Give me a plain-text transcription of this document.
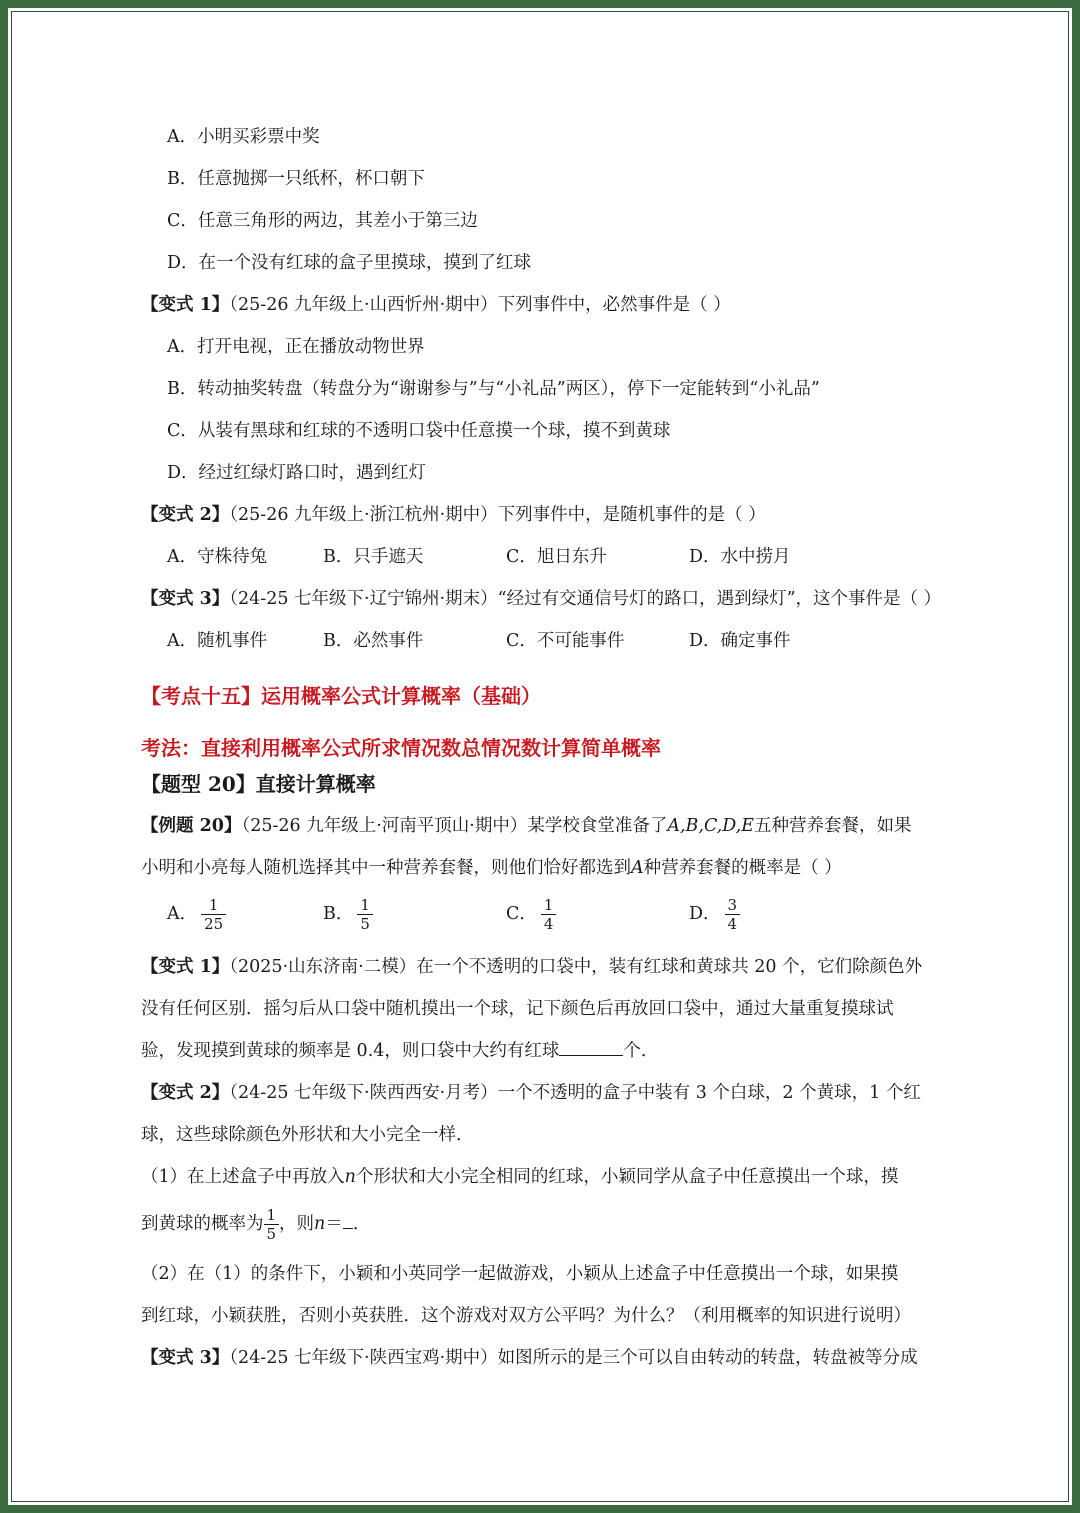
A．小明买彩票中奖
B．任意抛掷一只纸杯，杯口朝下
C．任意三角形的两边，其差小于第三边
D．在一个没有红球的盒子里摸球，摸到了红球
【变式 1】（25-26 九年级上·山西忻州·期中）下列事件中，必然事件是（ ）
A．打开电视，正在播放动物世界
B．转动抽奖转盘（转盘分为“谢谢参与”与“小礼品”两区），停下一定能转到“小礼品”
C．从装有黑球和红球的不透明口袋中任意摸一个球，摸不到黄球
D．经过红绿灯路口时，遇到红灯
【变式 2】（25-26 九年级上·浙江杭州·期中）下列事件中，是随机事件的是（ ）
A．守株待兔	B．只手遮天	C．旭日东升	D．水中捞月
【变式 3】（24-25 七年级下·辽宁锦州·期末）“经过有交通信号灯的路口，遇到绿灯”，这个事件是（ ）
A．随机事件	B．必然事件	C．不可能事件	D．确定事件
【考点十五】运用概率公式计算概率（基础）
考法：直接利用概率公式所求情况数总情况数计算简单概率
【题型 20】直接计算概率
【例题 20】（25-26 九年级上·河南平顶山·期中）某学校食堂准备了A,B,C,D,E五种营养套餐，如果
小明和小亮每人随机选择其中一种营养套餐，则他们恰好都选到A种营养套餐的概率是（ ）
A． $\frac{1}{25}$	B． $\frac{1}{5}$	C． $\frac{1}{4}$	D． $\frac{3}{4}$
【变式 1】（2025·山东济南·二模）在一个不透明的口袋中，装有红球和黄球共 20 个，它们除颜色外
没有任何区别．摇匀后从口袋中随机摸出一个球，记下颜色后再放回口袋中，通过大量重复摸球试
验，发现摸到黄球的频率是 0.4，则口袋中大约有红球	个．
【变式 2】（24-25 七年级下·陕西西安·月考）一个不透明的盒子中装有 3 个白球，2 个黄球，1 个红
球，这些球除颜色外形状和大小完全一样．
（1）在上述盒子中再放入n个形状和大小完全相同的红球，小颖同学从盒子中任意摸出一个球，摸
到黄球的概率为 $\frac{1}{5}$ ，则n＝ ．
（2）在（1）的条件下，小颖和小英同学一起做游戏，小颖从上述盒子中任意摸出一个球，如果摸
到红球，小颖获胜，否则小英获胜．这个游戏对双方公平吗？为什么？（利用概率的知识进行说明）
【变式 3】（24-25 七年级下·陕西宝鸡·期中）如图所示的是三个可以自由转动的转盘，转盘被等分成
